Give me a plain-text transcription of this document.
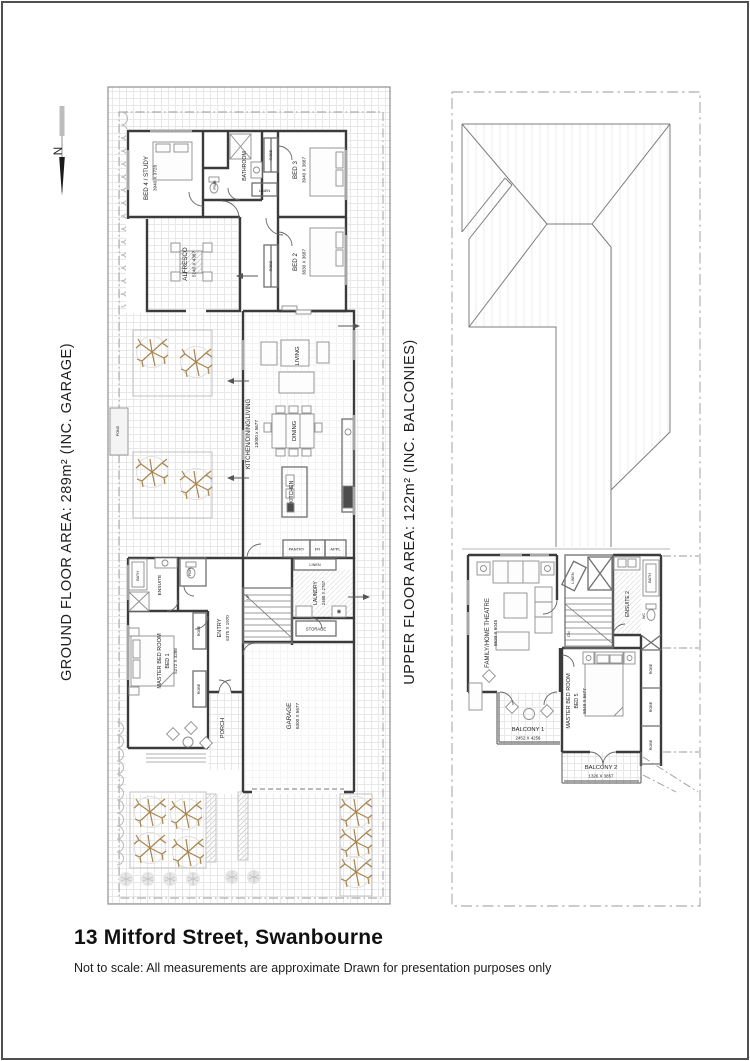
N
BED 4 / STUDY 3940 X 3728	PWR
BATHROOM
LINEN
ROBE
BED 3 3940 X 3687
ROBE	BED 2 3830 X 3687
ALFRESCO 5140 X 4387
KITCHEN/DINING/LIVING 13000 x 5677
LIVING
DINING
KITCHEN
POND
PANTRY	FR	APPL
LINEN
LAUNDRY 2460 X 2767
STORAGE
ENSUITE
BATH	PDR
MASTER BED ROOM BED 1 5272 X 3288
ROBE
ROBE
ENTRY 6375 X 1970
UP
GARAGE 6300 X 5677
PORCH
GROUND FLOOR AREA: 289m² (INC. GARAGE)	FAMILY/HOME THEATRE 5520 X 6048
LINEN
DN
ENSUITE 2
BATH
WC
ROBE
ROBE
ROBE
MASTER BED ROOM BED 5 5049 X 5677
BALCONY 1
2452 X 4256
BALCONY 2
1326 X 3857
UPPER FLOOR AREA: 122m² (INC. BALCONIES)
13 Mitford Street, Swanbourne
Not to scale: All measurements are approximate Drawn for presentation purposes only
